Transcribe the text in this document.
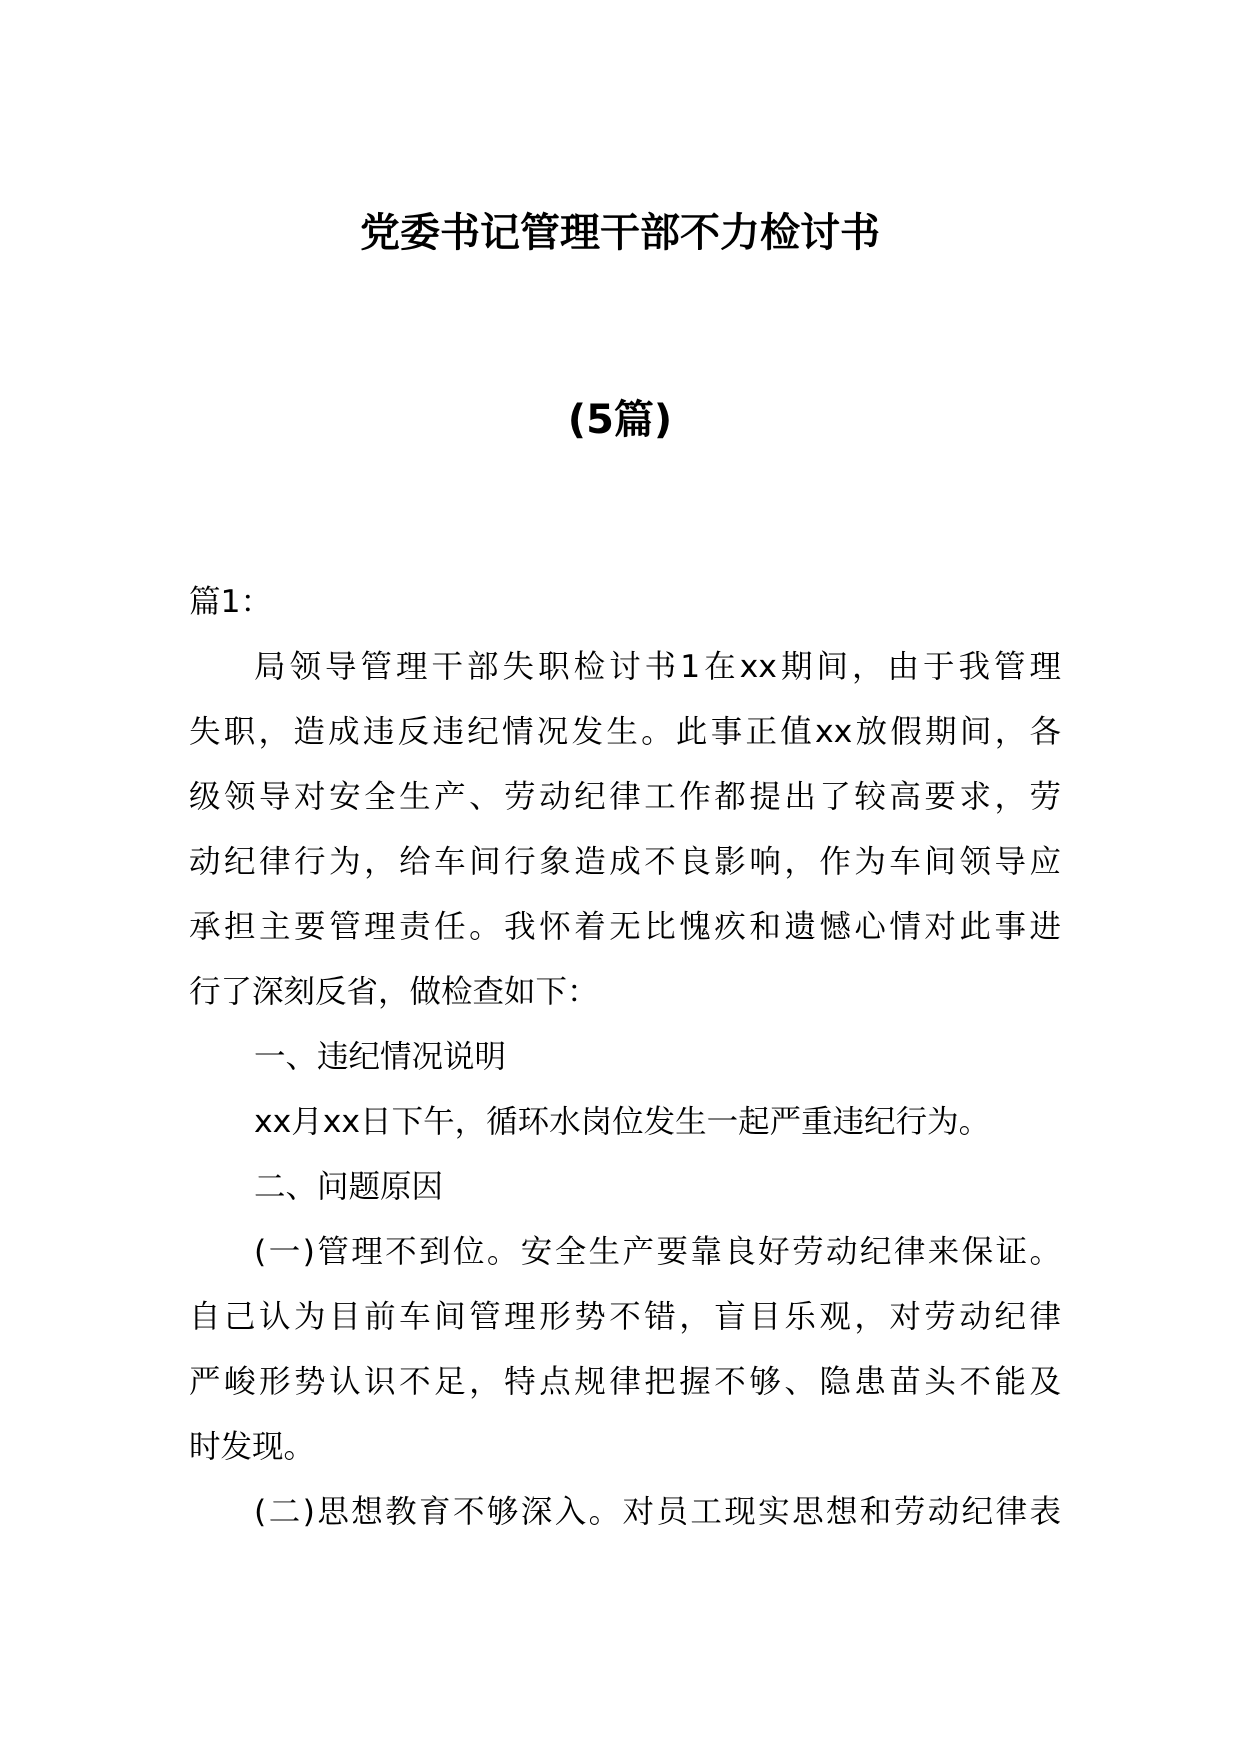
党委书记管理干部不力检讨书
(5篇)
篇1：
局领导管理干部失职检讨书1在xx期间，由于我管理
失职，造成违反违纪情况发生。此事正值xx放假期间，各
级领导对安全生产、劳动纪律工作都提出了较高要求，劳
动纪律行为，给车间行象造成不良影响，作为车间领导应
承担主要管理责任。我怀着无比愧疚和遗憾心情对此事进
行了深刻反省，做检查如下：
一、违纪情况说明
xx月xx日下午，循环水岗位发生一起严重违纪行为。
二、问题原因
(一)管理不到位。安全生产要靠良好劳动纪律来保证。
自己认为目前车间管理形势不错，盲目乐观，对劳动纪律
严峻形势认识不足，特点规律把握不够、隐患苗头不能及
时发现。
(二)思想教育不够深入。对员工现实思想和劳动纪律表
